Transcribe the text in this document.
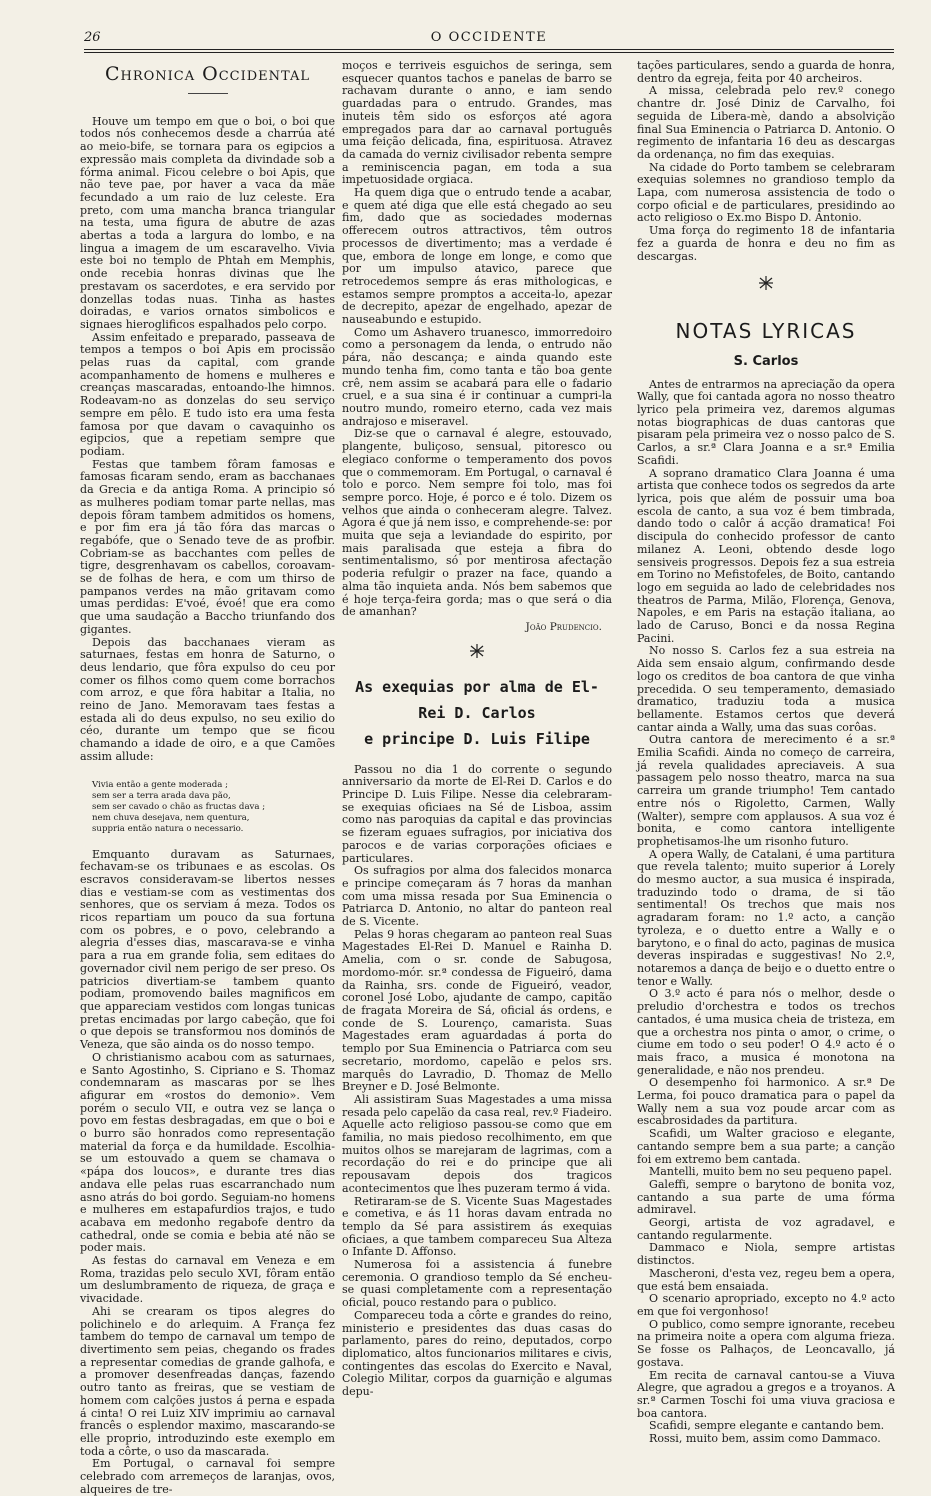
26	O OCCIDENTE
Chronica Occidental

Houve um tempo em que o boi, o boi que todos nós conhecemos desde a charrúa até ao meio-bife, se tornara para os egipcios a expressão mais completa da divindade sob a fórma animal. Ficou celebre o boi Apis, que não teve pae, por haver a vaca da mãe fecundado a um raio de luz celeste. Era preto, com uma mancha branca triangular na testa, uma figura de abutre de azas abertas a toda a largura do lombo, e na lingua a imagem de um escaravelho. Vivia este boi no templo de Phtah em Memphis, onde recebia honras divinas que lhe prestavam os sacerdotes, e era servido por donzellas todas nuas. Tinha as hastes doiradas, e varios ornatos simbolicos e signaes hieroglificos espalhados pelo corpo.

Assim enfeitado e preparado, passeava de tempos a tempos o boi Apis em procissão pelas ruas da capital, com grande acompanhamento de homens e mulheres e creanças mascaradas, entoando-lhe himnos. Rodeavam-no as donzelas do seu serviço sempre em pêlo. E tudo isto era uma festa famosa por que davam o cavaquinho os egipcios, que a repetiam sempre que podiam.

Festas que tambem fôram famosas e famosas ficaram sendo, eram as bacchanaes da Grecia e da antiga Roma. A principio só as mulheres podiam tomar parte nellas, mas depois fôram tambem admitidos os homens, e por fim era já tão fóra das marcas o regabófe, que o Senado teve de as profbir. Cobriam-se as bacchantes com pelles de tigre, desgrenhavam os cabellos, coroavam-se de folhas de hera, e com um thirso de pampanos verdes na mão gritavam como umas perdidas: E'voé, évoé! que era como que uma saudação a Baccho triunfando dos gigantes.

Depois das bacchanaes vieram as saturnaes, festas em honra de Saturno, o deus lendario, que fôra expulso do ceu por comer os filhos como quem come borrachos com arroz, e que fôra habitar a Italia, no reino de Jano. Memoravam taes festas a estada ali do deus expulso, no seu exilio do céo, durante um tempo que se ficou chamando a idade de oiro, e a que Camões assim allude:

Vivia então a gente moderada ;
sem ser a terra arada dava pão,
sem ser cavado o chão as fructas dava ;
nem chuva desejava, nem quentura,
suppria então natura o necessario.

Emquanto duravam as Saturnaes, fechavam-se os tribunaes e as escolas. Os escravos consideravam-se libertos nesses dias e vestiam-se com as vestimentas dos senhores, que os serviam á meza. Todos os ricos repartiam um pouco da sua fortuna com os pobres, e o povo, celebrando a alegria d'esses dias, mascarava-se e vinha para a rua em grande folia, sem editaes do governador civil nem perigo de ser preso. Os patricios divertiam-se tambem quanto podiam, promovendo bailes magnificos em que appareciam vestidos com longas tunicas pretas encimadas por largo cabeção, que foi o que depois se transformou nos dominós de Veneza, que são ainda os do nosso tempo.

O christianismo acabou com as saturnaes, e Santo Agostinho, S. Cipriano e S. Thomaz condemnaram as mascaras por se lhes afigurar em «rostos do demonio». Vem porém o seculo VII, e outra vez se lança o povo em festas desbragadas, em que o boi e o burro são honrados como representação material da força e da humildade. Escolhia-se um estouvado a quem se chamava o «pápa dos loucos», e durante tres dias andava elle pelas ruas escarranchado num asno atrás do boi gordo. Seguiam-no homens e mulheres em estapafurdios trajos, e tudo acabava em medonho regabofe dentro da cathedral, onde se comia e bebia até não se poder mais.

As festas do carnaval em Veneza e em Roma, trazidas pelo seculo XVI, fôram então um deslumbramento de riqueza, de graça e vivacidade.

Ahi se crearam os tipos alegres do polichinelo e do arlequim. A França fez tambem do tempo de carnaval um tempo de divertimento sem peias, chegando os frades a representar comedias de grande galhofa, e a promover desenfreadas danças, fazendo outro tanto as freiras, que se vestiam de homem com calções justos á perna e espada á cinta! O rei Luiz XIV imprimiu ao carnaval francês o esplendor maximo, mascarando-se elle proprio, introduzindo este exemplo em toda a côrte, o uso da mascarada.

Em Portugal, o carnaval foi sempre celebrado com arremeços de laranjas, ovos, alqueires de tre-

moços e terriveis esguichos de seringa, sem esquecer quantos tachos e panelas de barro se rachavam durante o anno, e iam sendo guardadas para o entrudo. Grandes, mas inuteis têm sido os esforços até agora empregados para dar ao carnaval português uma feição delicada, fina, espirituosa. Atravez da camada do verniz civilisador rebenta sempre a reminiscencia pagan, em toda a sua impetuosidade orgiaca.

Ha quem diga que o entrudo tende a acabar, e quem até diga que elle está chegado ao seu fim, dado que as sociedades modernas offerecem outros attractivos, têm outros processos de divertimento; mas a verdade é que, embora de longe em longe, e como que por um impulso atavico, parece que retrocedemos sempre ás eras mithologicas, e estamos sempre promptos a acceita-lo, apezar de decrepito, apezar de engelhado, apezar de nauseabundo e estupido.

Como um Ashavero truanesco, immorredoiro como a personagem da lenda, o entrudo não pára, não descança; e ainda quando este mundo tenha fim, como tanta e tão boa gente crê, nem assim se acabará para elle o fadario cruel, e a sua sina é ir continuar a cumpri-la noutro mundo, romeiro eterno, cada vez mais andrajoso e miseravel.

Diz-se que o carnaval é alegre, estouvado, plangente, buliçoso, sensual, pitoresco ou elegiaco conforme o temperamento dos povos que o commemoram. Em Portugal, o carnaval é tolo e porco. Nem sempre foi tolo, mas foi sempre porco. Hoje, é porco e é tolo. Dizem os velhos que ainda o conheceram alegre. Talvez. Agora é que já nem isso, e comprehende-se: por muita que seja a leviandade do espirito, por mais paralisada que esteja a fibra do sentimentalismo, só por mentirosa afectação poderia refulgir o prazer na face, quando a alma tão inquieta anda. Nós bem sabemos que é hoje terça-feira gorda; mas o que será o dia de amanhan?

João Prudencio.
As exequias por alma de El-Rei D. Carlos
e principe D. Luis Filipe

Passou no dia 1 do corrente o segundo anniversario da morte de El-Rei D. Carlos e do Principe D. Luis Filipe. Nesse dia celebraram-se exequias oficiaes na Sé de Lisboa, assim como nas paroquias da capital e das provincias se fizeram eguaes sufragios, por iniciativa dos parocos e de varias corporações oficiaes e particulares.

Os sufragios por alma dos falecidos monarca e principe começaram ás 7 horas da manhan com uma missa resada por Sua Eminencia o Patriarca D. Antonio, no altar do panteon real de S. Vicente.

Pelas 9 horas chegaram ao panteon real Suas Magestades El-Rei D. Manuel e Rainha D. Amelia, com o sr. conde de Sabugosa, mordomo-mór. sr.ª condessa de Figueiró, dama da Rainha, srs. conde de Figueiró, veador, coronel José Lobo, ajudante de campo, capitão de fragata Moreira de Sá, oficial ás ordens, e conde de S. Lourenço, camarista. Suas Magestades eram aguardadas á porta do templo por Sua Eminencia o Patriarca com seu secretario, mordomo, capelão e pelos srs. marquês do Lavradio, D. Thomaz de Mello Breyner e D. José Belmonte.

Ali assistiram Suas Magestades a uma missa resada pelo capelão da casa real, rev.º Fiadeiro. Aquelle acto religioso passou-se como que em familia, no mais piedoso recolhimento, em que muitos olhos se marejaram de lagrimas, com a recordação do rei e do principe que ali repousavam depois dos tragicos acontecimentos que lhes puzeram termo á vida.

Retiraram-se de S. Vicente Suas Magestades e cometiva, e ás 11 horas davam entrada no templo da Sé para assistirem ás exequias oficiaes, a que tambem compareceu Sua Alteza o Infante D. Affonso.

Numerosa foi a assistencia á funebre ceremonia. O grandioso templo da Sé encheu-se quasi completamente com a representação oficial, pouco restando para o publico.

Compareceu toda a côrte e grandes do reino, ministerio e presidentes das duas casas do parlamento, pares do reino, deputados, corpo diplomatico, altos funcionarios militares e civis, contingentes das escolas do Exercito e Naval, Colegio Militar, corpos da guarnição e algumas depu-

tações particulares, sendo a guarda de honra, dentro da egreja, feita por 40 archeiros.

A missa, celebrada pelo rev.º conego chantre dr. José Diniz de Carvalho, foi seguida de Libera-mè, dando a absolvição final Sua Eminencia o Patriarca D. Antonio. O regimento de infantaria 16 deu as descargas da ordenança, no fim das exequias.

Na cidade do Porto tambem se celebraram exequias solemnes no grandioso templo da Lapa, com numerosa assistencia de todo o corpo oficial e de particulares, presidindo ao acto religioso o Ex.mo Bispo D. Antonio.

Uma força do regimento 18 de infantaria fez a guarda de honra e deu no fim as descargas.

NOTAS LYRICAS
S. Carlos

Antes de entrarmos na apreciação da opera Wally, que foi cantada agora no nosso theatro lyrico pela primeira vez, daremos algumas notas biographicas de duas cantoras que pisaram pela primeira vez o nosso palco de S. Carlos, a sr.ª Clara Joanna e a sr.ª Emilia Scafidi.

A soprano dramatico Clara Joanna é uma artista que conhece todos os segredos da arte lyrica, pois que além de possuir uma boa escola de canto, a sua voz é bem timbrada, dando todo o calôr á acção dramatica! Foi discipula do conhecido professor de canto milanez A. Leoni, obtendo desde logo sensiveis progressos. Depois fez a sua estreia em Torino no Mefistofeles, de Boito, cantando logo em seguida ao lado de celebridades nos theatros de Parma, Milão, Florença, Genova, Napoles, e em Paris na estação italiana, ao lado de Caruso, Bonci e da nossa Regina Pacini.

No nosso S. Carlos fez a sua estreia na Aida sem ensaio algum, confirmando desde logo os creditos de boa cantora de que vinha precedida. O seu temperamento, demasiado dramatico, traduziu toda a musica bellamente. Estamos certos que deverá cantar ainda a Wally, uma das suas corôas.

Outra cantora de merecimento é a sr.ª Emilia Scafidi. Ainda no começo de carreira, já revela qualidades apreciaveis. A sua passagem pelo nosso theatro, marca na sua carreira um grande triumpho! Tem cantado entre nós o Rigoletto, Carmen, Wally (Walter), sempre com applausos. A sua voz é bonita, e como cantora intelligente prophetisamos-lhe um risonho futuro.

A opera Wally, de Catalani, é uma partitura que revela talento; muito superior á Lorely do mesmo auctor, a sua musica é inspirada, traduzindo todo o drama, de si tão sentimental! Os trechos que mais nos agradaram foram: no 1.º acto, a canção tyroleza, e o duetto entre a Wally e o barytono, e o final do acto, paginas de musica deveras inspiradas e suggestivas! No 2.º, notaremos a dança de beijo e o duetto entre o tenor e Wally.

O 3.º acto é para nós o melhor, desde o preludio d'orchestra e todos os trechos cantados, é uma musica cheia de tristeza, em que a orchestra nos pinta o amor, o crime, o ciume em todo o seu poder! O 4.º acto é o mais fraco, a musica é monotona na generalidade, e não nos prendeu.

O desempenho foi harmonico. A sr.ª De Lerma, foi pouco dramatica para o papel da Wally nem a sua voz poude arcar com as escabrosidades da partitura.

Scafidi, um Walter gracioso e elegante, cantando sempre bem a sua parte; a canção foi em extremo bem cantada.

Mantelli, muito bem no seu pequeno papel.

Galeffi, sempre o barytono de bonita voz, cantando a sua parte de uma fórma admiravel.

Georgi, artista de voz agradavel, e cantando regularmente.

Dammaco e Niola, sempre artistas distinctos.

Mascheroni, d'esta vez, regeu bem a opera, que está bem ensaiada.

O scenario apropriado, exceptо no 4.º acto em que foi vergonhoso!

O publico, como sempre ignorante, recebeu na primeira noite a opera com alguma frieza. Se fosse os Palhaços, de Leoncavallo, já gostava.

Em recita de carnaval cantou-se a Viuva Alegre, que agradou a gregos e a troyanos. A sr.ª Carmen Toschi foi uma viuva graciosa e boa cantora.

Scafidi, sempre elegante e cantando bem.

Rossi, muito bem, assim como Dammaco.
